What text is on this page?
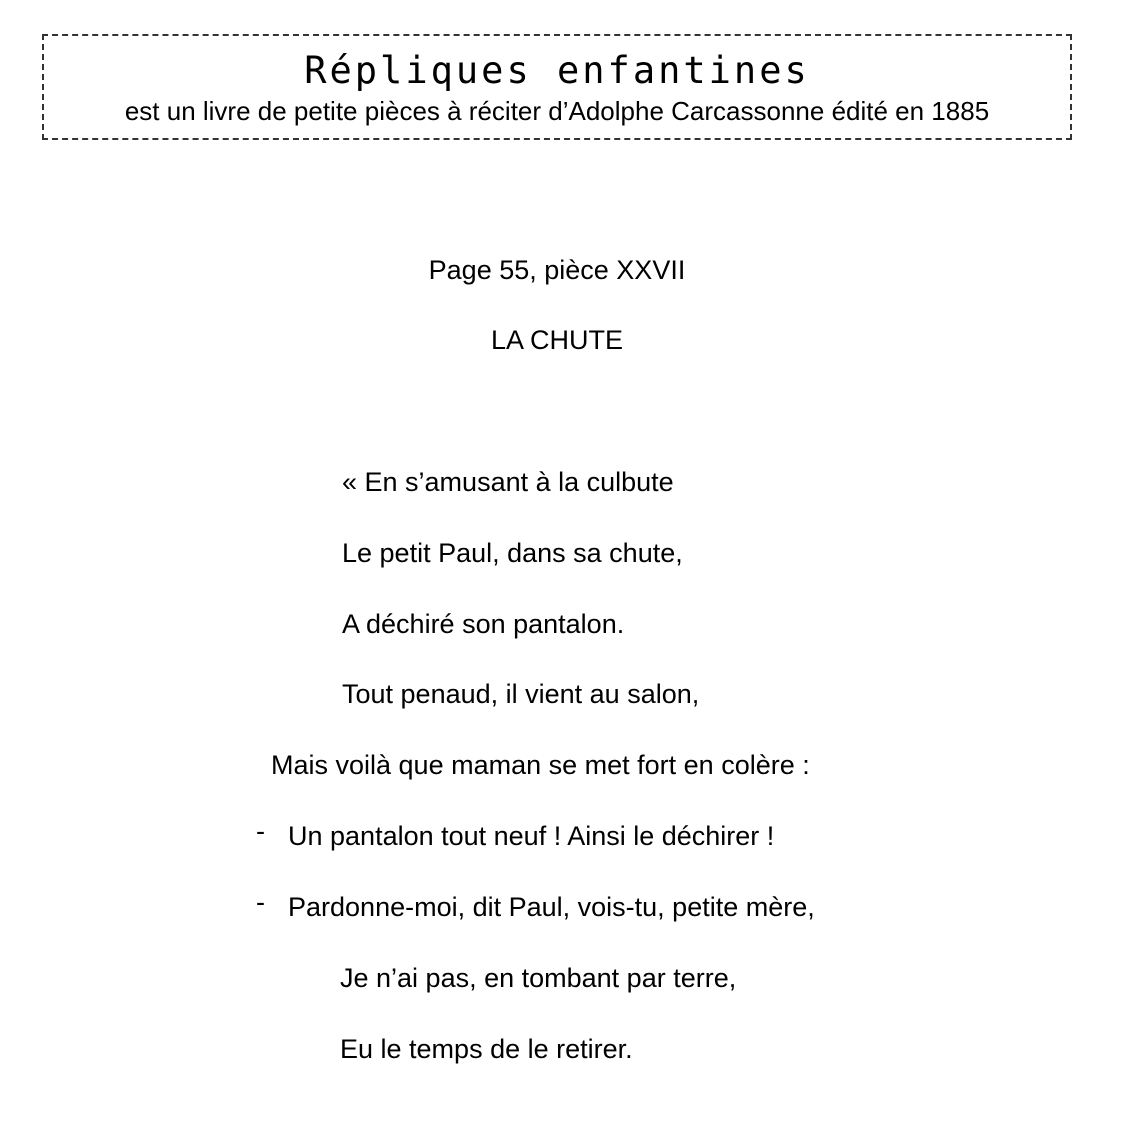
Répliques enfantines
est un livre de petite pièces à réciter d’Adolphe Carcassonne édité en 1885
Page 55, pièce XXVII
LA CHUTE
« En s’amusant à la culbute
Le petit Paul, dans sa chute,
A déchiré son pantalon.
Tout penaud, il vient au salon,
Mais voilà que maman se met fort en colère :
- Un pantalon tout neuf ! Ainsi le déchirer !
- Pardonne-moi, dit Paul, vois-tu, petite mère,
Je n’ai pas, en tombant par terre,
Eu le temps de le retirer.
